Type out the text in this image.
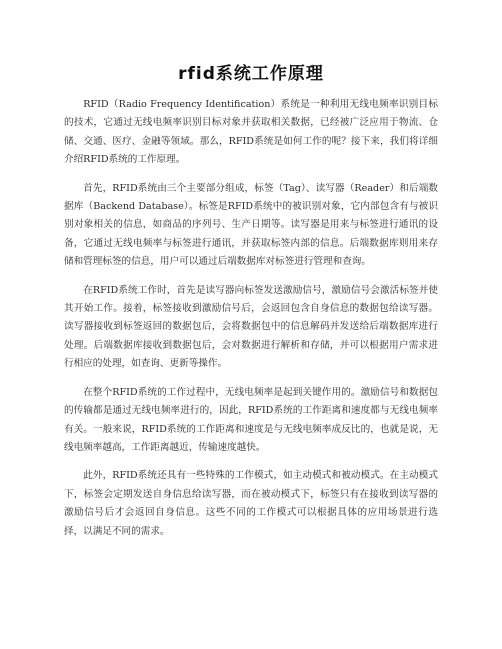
rfid系统工作原理

RFID（Radio Frequency Identification）系统是一种利用无线电频率识别目标的技术，它通过无线电频率识别目标对象并获取相关数据，已经被广泛应用于物流、仓储、交通、医疗、金融等领域。那么，RFID系统是如何工作的呢？接下来，我们将详细介绍RFID系统的工作原理。

首先，RFID系统由三个主要部分组成，标签（Tag）、读写器（Reader）和后端数据库（Backend Database）。标签是RFID系统中的被识别对象，它内部包含有与被识别对象相关的信息，如商品的序列号、生产日期等。读写器是用来与标签进行通讯的设备，它通过无线电频率与标签进行通讯，并获取标签内部的信息。后端数据库则用来存储和管理标签的信息，用户可以通过后端数据库对标签进行管理和查询。

在RFID系统工作时，首先是读写器向标签发送激励信号，激励信号会激活标签并使其开始工作。接着，标签接收到激励信号后，会返回包含自身信息的数据包给读写器。读写器接收到标签返回的数据包后，会将数据包中的信息解码并发送给后端数据库进行处理。后端数据库接收到数据包后，会对数据进行解析和存储，并可以根据用户需求进行相应的处理，如查询、更新等操作。

在整个RFID系统的工作过程中，无线电频率是起到关键作用的。激励信号和数据包的传输都是通过无线电频率进行的，因此，RFID系统的工作距离和速度都与无线电频率有关。一般来说，RFID系统的工作距离和速度是与无线电频率成反比的，也就是说，无线电频率越高，工作距离越近，传输速度越快。

此外，RFID系统还具有一些特殊的工作模式，如主动模式和被动模式。在主动模式下，标签会定期发送自身信息给读写器，而在被动模式下，标签只有在接收到读写器的激励信号后才会返回自身信息。这些不同的工作模式可以根据具体的应用场景进行选择，以满足不同的需求。
